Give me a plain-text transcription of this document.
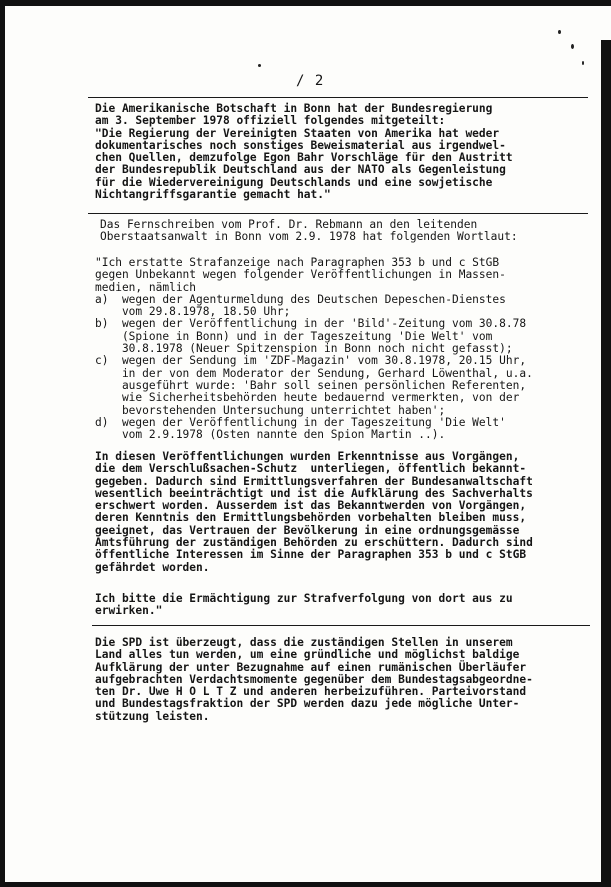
/ 2
Die Amerikanische Botschaft in Bonn hat der Bundesregierung
am 3. September 1978 offiziell folgendes mitgeteilt:
"Die Regierung der Vereinigten Staaten von Amerika hat weder
dokumentarisches noch sonstiges Beweismaterial aus irgendwel-
chen Quellen, demzufolge Egon Bahr Vorschläge für den Austritt
der Bundesrepublik Deutschland aus der NATO als Gegenleistung
für die Wiedervereinigung Deutschlands und eine sowjetische
Nichtangriffsgarantie gemacht hat."
Das Fernschreiben vom Prof. Dr. Rebmann an den leitenden
Oberstaatsanwalt in Bonn vom 2.9. 1978 hat folgenden Wortlaut:
"Ich erstatte Strafanzeige nach Paragraphen 353 b und c StGB
gegen Unbekannt wegen folgender Veröffentlichungen in Massen-
medien, nämlich
a)  wegen der Agenturmeldung des Deutschen Depeschen-Dienstes
vom 29.8.1978, 18.50 Uhr;
b)  wegen der Veröffentlichung in der 'Bild'-Zeitung vom 30.8.78
(Spione in Bonn) und in der Tageszeitung 'Die Welt' vom
30.8.1978 (Neuer Spitzenspion in Bonn noch nicht gefasst);
c)  wegen der Sendung im 'ZDF-Magazin' vom 30.8.1978, 20.15 Uhr,
in der von dem Moderator der Sendung, Gerhard Löwenthal, u.a.
ausgeführt wurde: 'Bahr soll seinen persönlichen Referenten,
wie Sicherheitsbehörden heute bedauernd vermerkten, von der
bevorstehenden Untersuchung unterrichtet haben';
d)  wegen der Veröffentlichung in der Tageszeitung 'Die Welt'
vom 2.9.1978 (Osten nannte den Spion Martin ..).
In diesen Veröffentlichungen wurden Erkenntnisse aus Vorgängen,
die dem Verschlußsachen-Schutz  unterliegen, öffentlich bekannt-
gegeben. Dadurch sind Ermittlungsverfahren der Bundesanwaltschaft
wesentlich beeinträchtigt und ist die Aufklärung des Sachverhalts
erschwert worden. Ausserdem ist das Bekanntwerden von Vorgängen,
deren Kenntnis den Ermittlungsbehörden vorbehalten bleiben muss,
geeignet, das Vertrauen der Bevölkerung in eine ordnungsgemässe
Amtsführung der zuständigen Behörden zu erschüttern. Dadurch sind
öffentliche Interessen im Sinne der Paragraphen 353 b und c StGB
gefährdet worden.
Ich bitte die Ermächtigung zur Strafverfolgung von dort aus zu
erwirken."
Die SPD ist überzeugt, dass die zuständigen Stellen in unserem
Land alles tun werden, um eine gründliche und möglichst baldige
Aufklärung der unter Bezugnahme auf einen rumänischen Überläufer
aufgebrachten Verdachtsmomente gegenüber dem Bundestagsabgeordne-
ten Dr. Uwe H O L T Z und anderen herbeizuführen. Parteivorstand
und Bundestagsfraktion der SPD werden dazu jede mögliche Unter-
stützung leisten.
